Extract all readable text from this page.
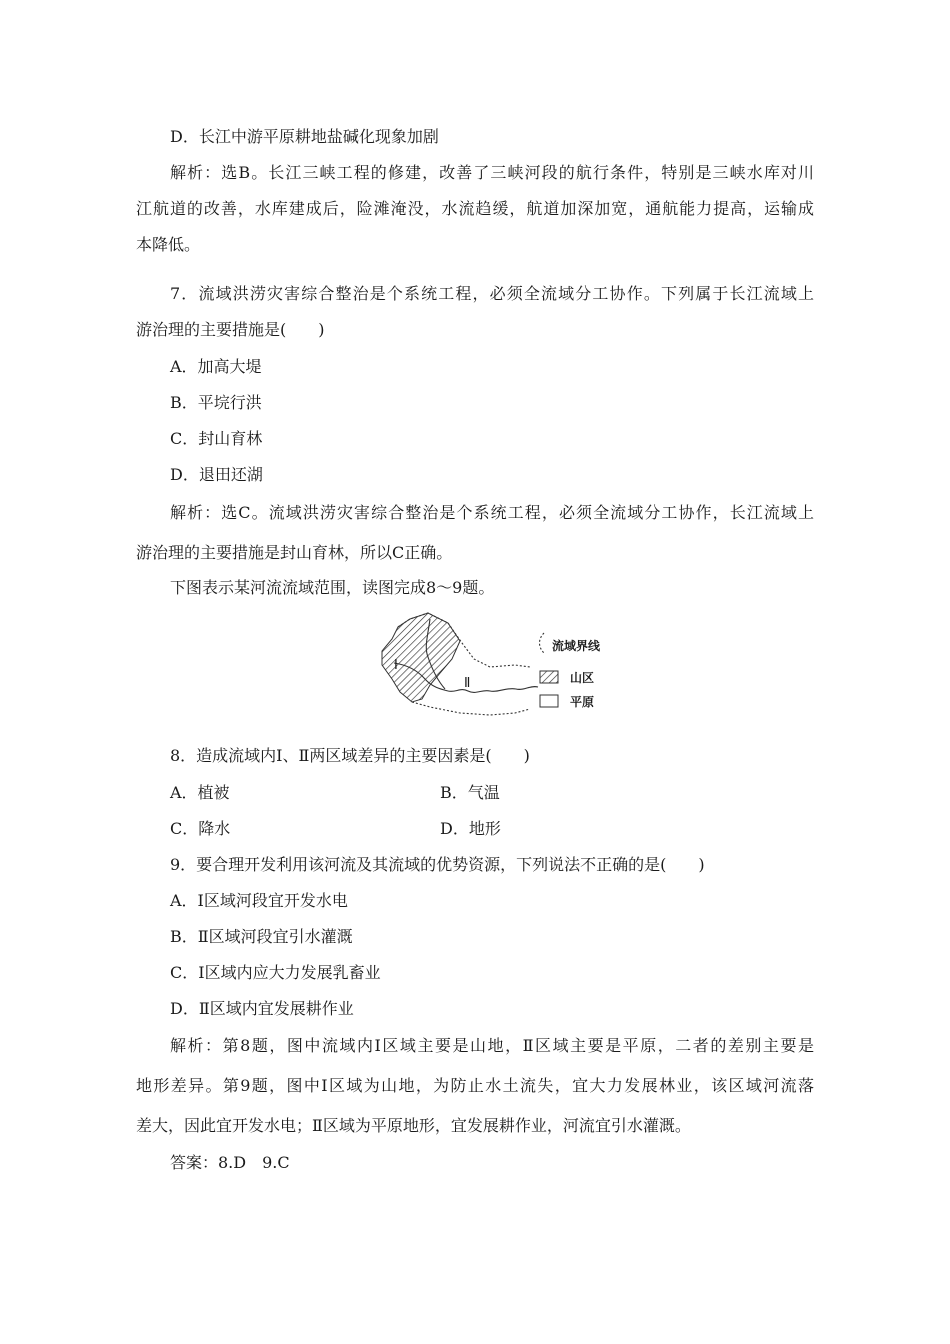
D．长江中游平原耕地盐碱化现象加剧
解析：选B。长江三峡工程的修建，改善了三峡河段的航行条件，特别是三峡水库对川
江航道的改善，水库建成后，险滩淹没，水流趋缓，航道加深加宽，通航能力提高，运输成
本降低。
7．流域洪涝灾害综合整治是个系统工程，必须全流域分工协作。下列属于长江流域上
游治理的主要措施是(　　)
A．加高大堤
B．平垸行洪
C．封山育林
D．退田还湖
解析：选C。流域洪涝灾害综合整治是个系统工程，必须全流域分工协作，长江流域上
游治理的主要措施是封山育林，所以C正确。
下图表示某河流流域范围，读图完成8～9题。
Ⅰ
Ⅱ
流域界线
山区
平原
8．造成流域内Ⅰ、Ⅱ两区域差异的主要因素是(　　)
A．植被	B．气温
C．降水	D．地形
9．要合理开发利用该河流及其流域的优势资源，下列说法不正确的是(　　)
A．Ⅰ区域河段宜开发水电
B．Ⅱ区域河段宜引水灌溉
C．Ⅰ区域内应大力发展乳畜业
D．Ⅱ区域内宜发展耕作业
解析：第8题，图中流域内Ⅰ区域主要是山地，Ⅱ区域主要是平原，二者的差别主要是
地形差异。第9题，图中Ⅰ区域为山地，为防止水土流失，宜大力发展林业，该区域河流落
差大，因此宜开发水电；Ⅱ区域为平原地形，宜发展耕作业，河流宜引水灌溉。
答案：8.D　9.C
